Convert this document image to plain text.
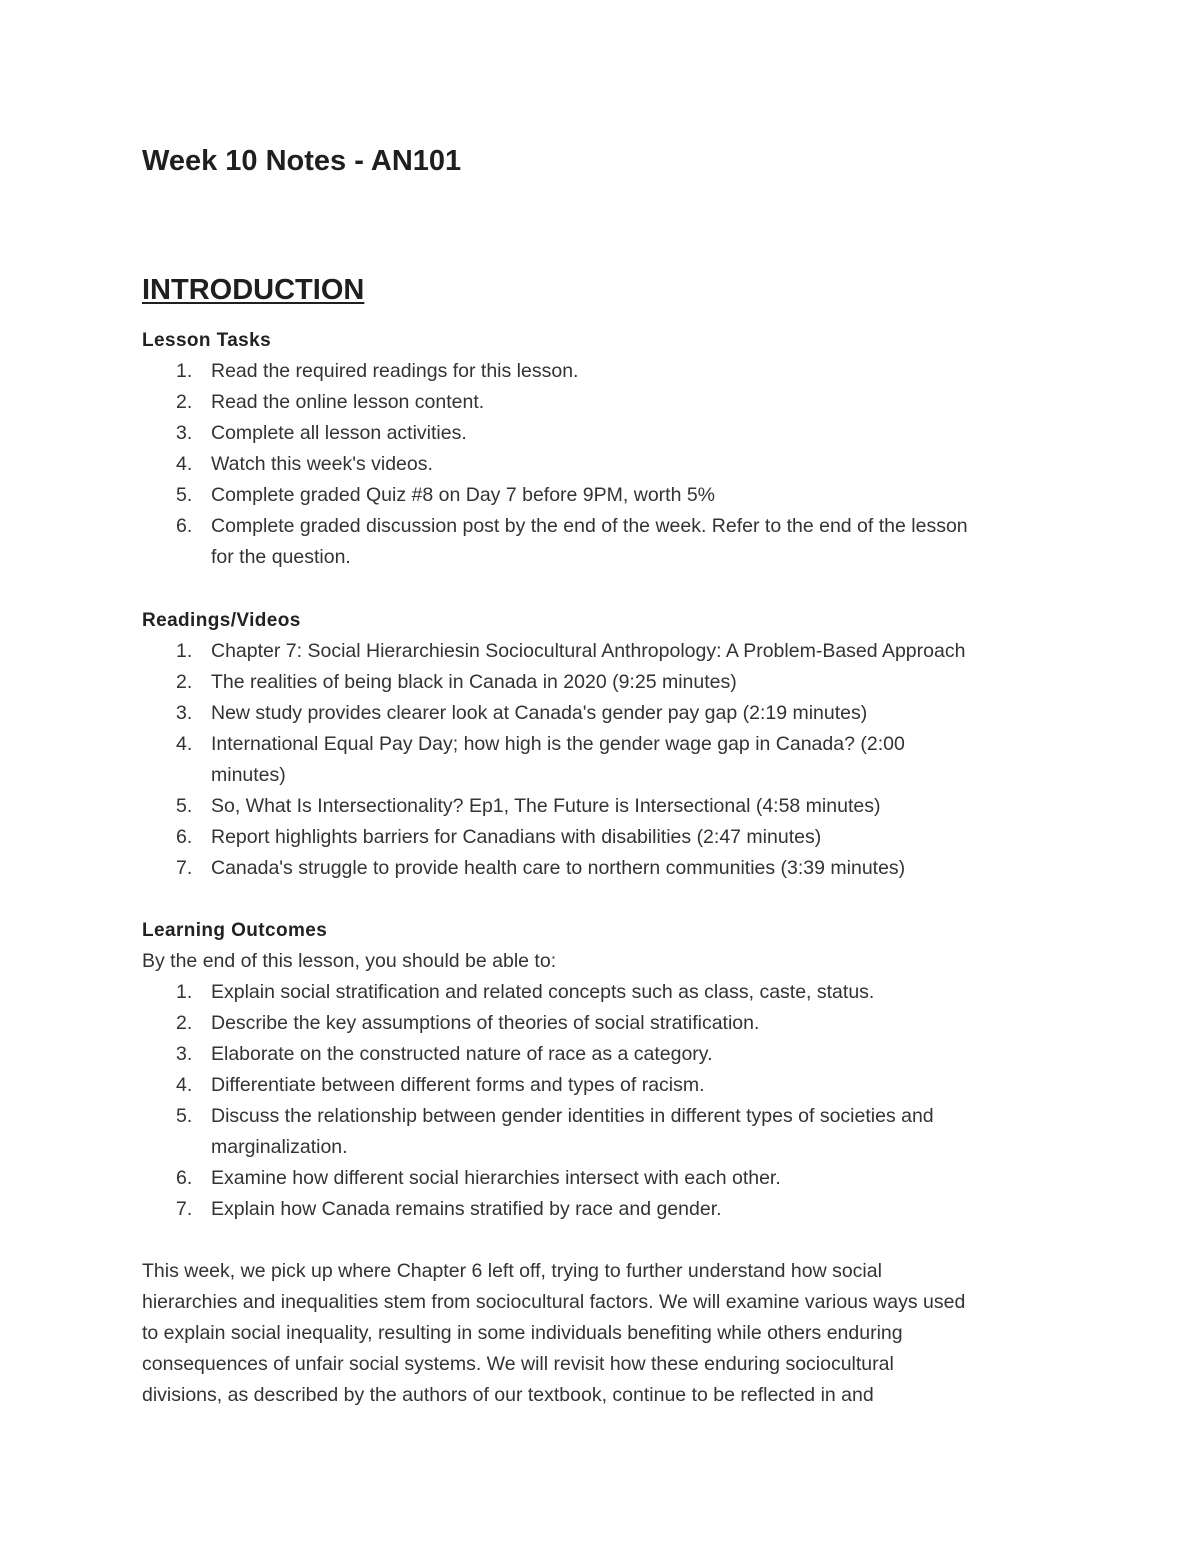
Week 10 Notes - AN101
INTRODUCTION
Lesson Tasks
1. Read the required readings for this lesson.
2. Read the online lesson content.
3. Complete all lesson activities.
4. Watch this week's videos.
5. Complete graded Quiz #8 on Day 7 before 9PM, worth 5%
6. Complete graded discussion post by the end of the week. Refer to the end of the lesson
for the question.
Readings/Videos
1. Chapter 7: Social Hierarchiesin Sociocultural Anthropology: A Problem-Based Approach
2. The realities of being black in Canada in 2020 (9:25 minutes)
3. New study provides clearer look at Canada's gender pay gap (2:19 minutes)
4. International Equal Pay Day; how high is the gender wage gap in Canada? (2:00
minutes)
5. So, What Is Intersectionality? Ep1, The Future is Intersectional (4:58 minutes)
6. Report highlights barriers for Canadians with disabilities (2:47 minutes)
7. Canada's struggle to provide health care to northern communities (3:39 minutes)
Learning Outcomes

By the end of this lesson, you should be able to:

1. Explain social stratification and related concepts such as class, caste, status.
2. Describe the key assumptions of theories of social stratification.
3. Elaborate on the constructed nature of race as a category.
4. Differentiate between different forms and types of racism.
5. Discuss the relationship between gender identities in different types of societies and
marginalization.
6. Examine how different social hierarchies intersect with each other.
7. Explain how Canada remains stratified by race and gender.

This week, we pick up where Chapter 6 left off, trying to further understand how social
hierarchies and inequalities stem from sociocultural factors. We will examine various ways used
to explain social inequality, resulting in some individuals benefiting while others enduring
consequences of unfair social systems. We will revisit how these enduring sociocultural
divisions, as described by the authors of our textbook, continue to be reflected in and
